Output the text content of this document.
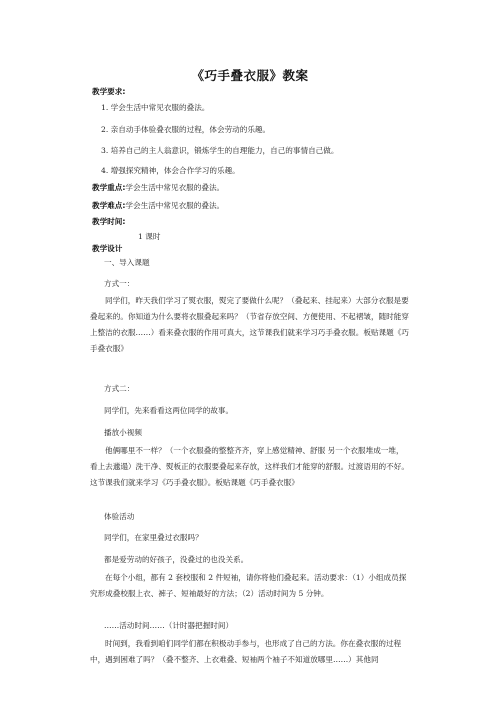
《巧手叠衣服》教案
教学要求:
1. 学会生活中常见衣服的叠法。
2. 亲自动手体验叠衣服的过程，体会劳动的乐趣。
3. 培养自己的主人翁意识，锻炼学生的自理能力，自己的事情自己做。
4. 增强探究精神，体会合作学习的乐趣。
教学重点:学会生活中常见衣服的叠法。
教学难点:学会生活中常见衣服的叠法。
教学时间:
1 课时
教学设计
一、导入课题
方式一：
同学们，昨天我们学习了熨衣服，熨完了要做什么呢？（叠起来、挂起来）大部分衣服是要叠起来的。你知道为什么要将衣服叠起来吗？（节省存放空间、方便使用、不起褶皱，随时能穿上整洁的衣服……）看来叠衣服的作用可真大，这节课我们就来学习巧手叠衣服。板贴课题《巧手叠衣服》
方式二：
同学们，先来看看这两位同学的故事。
播放小视频
他俩哪里不一样？（一个衣服叠的整整齐齐，穿上感觉精神、舒服 另一个衣服堆成一堆，看上去邋遢）洗干净、熨板正的衣服要叠起来存放，这样我们才能穿的舒服。过渡语用的不好。这节课我们就来学习《巧手叠衣服》。板贴课题《巧手叠衣服》
体验活动
同学们，在家里叠过衣服吗？
都是爱劳动的好孩子，没叠过的也没关系。
在每个小组，都有 2 套校服和 2 件短袖，请你将他们叠起来。活动要求：（1）小组成员探究形成叠校服上衣、裤子、短袖最好的方法；（2）活动时间为 5 分钟。
……活动时间……（计时器把握时间）
时间到，我看到咱们同学们都在积极动手参与，也形成了自己的方法。你在叠衣服的过程中，遇到困难了吗？（叠不整齐、上衣难叠、短袖两个袖子不知道放哪里……）其他同
